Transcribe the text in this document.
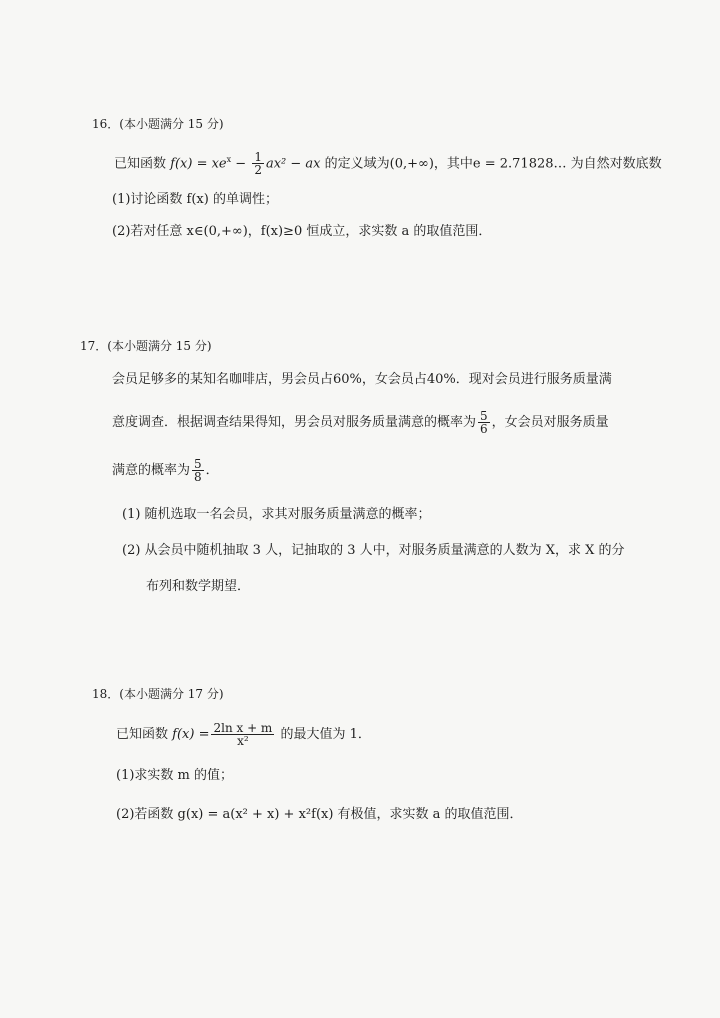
16．(本小题满分 15 分)
已知函数 $f(x) = xe^x - \frac{1}{2} ax^2$ − ax 的定义域为(0,+∞)，其中e = 2.71828… 为自然对数底数
(1)讨论函数 f(x) 的单调性；
(2)若对任意 x∈(0,+∞)，f(x)≥0 恒成立，求实数 a 的取值范围．
17．(本小题满分 15 分)
会员足够多的某知名咖啡店，男会员占60%，女会员占40%．现对会员进行服务质量满
意度调查．根据调查结果得知，男会员对服务质量满意的概率为 $\frac{5}{6}$ ，女会员对服务质量
满意的概率为 $\frac{5}{8}$ ．
(1) 随机选取一名会员，求其对服务质量满意的概率；
(2) 从会员中随机抽取 3 人，记抽取的 3 人中，对服务质量满意的人数为 X，求 X 的分
布列和数学期望．
18．(本小题满分 17 分)
已知函数 $f(x) = \frac{\text{2ln x + m}}{\text{x²}}$ 的最大值为 1．
(1)求实数 m 的值；
(2)若函数 g(x) = a(x² + x) + x²f(x) 有极值，求实数 a 的取值范围．
